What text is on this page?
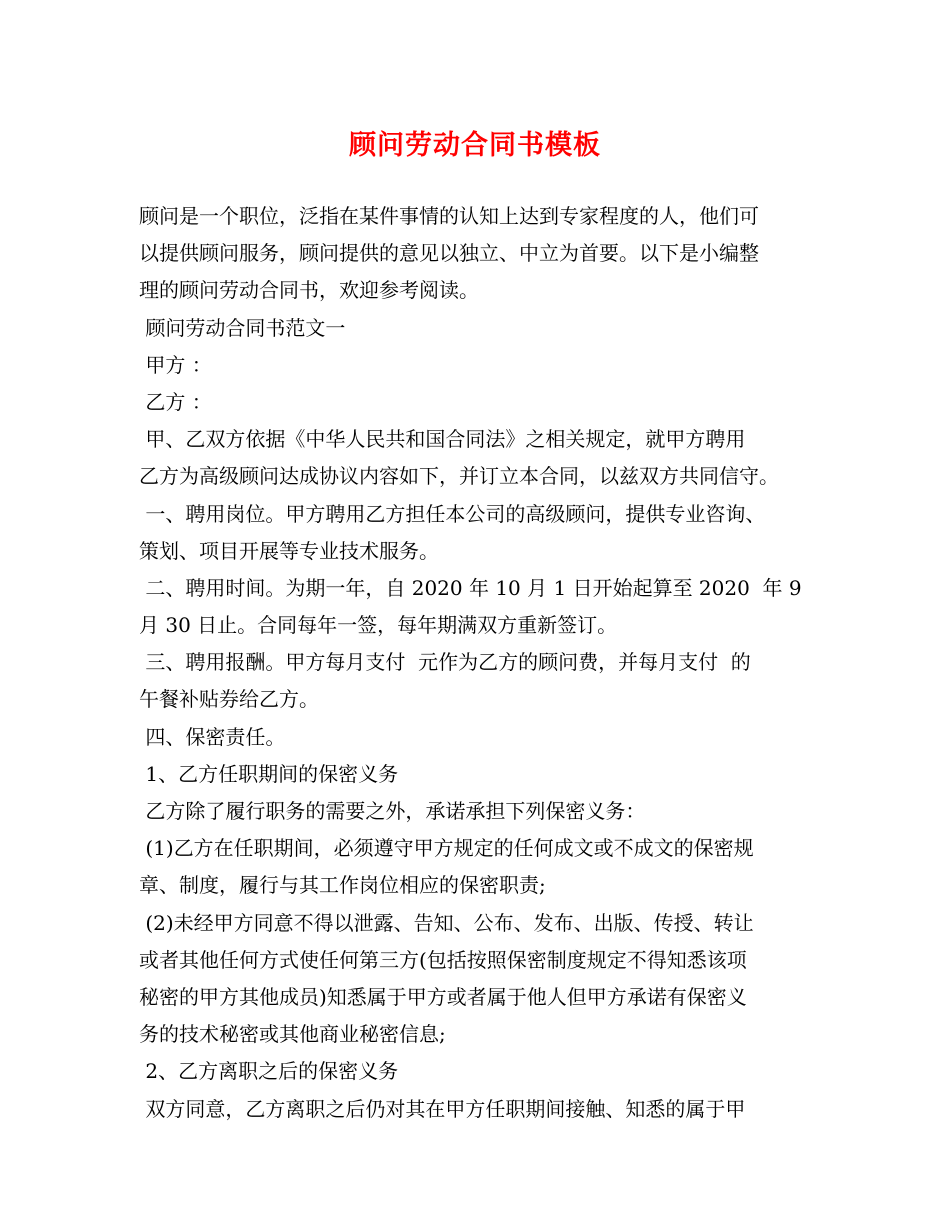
顾问劳动合同书模板
顾问是一个职位，泛指在某件事情的认知上达到专家程度的人，他们可
以提供顾问服务，顾问提供的意见以独立、中立为首要。以下是小编整
理的顾问劳动合同书，欢迎参考阅读。
顾问劳动合同书范文一
甲方 ：
乙方 ：
甲、乙双方依据《中华人民共和国合同法》之相关规定，就甲方聘用
乙方为高级顾问达成协议内容如下，并订立本合同，以兹双方共同信守。
一、聘用岗位。甲方聘用乙方担任本公司的高级顾问，提供专业咨询、
策划、项目开展等专业技术服务。
二、聘用时间。为期一年，自 2020 年 10 月 1 日开始起算至 2020  年 9
月 30 日止。合同每年一签，每年期满双方重新签订。
三、聘用报酬。甲方每月支付  元作为乙方的顾问费，并每月支付  的
午餐补贴券给乙方。
四、保密责任。
1、乙方任职期间的保密义务
乙方除了履行职务的需要之外，承诺承担下列保密义务：
(1)乙方在任职期间，必须遵守甲方规定的任何成文或不成文的保密规
章、制度，履行与其工作岗位相应的保密职责;
(2)未经甲方同意不得以泄露、告知、公布、发布、出版、传授、转让
或者其他任何方式使任何第三方(包括按照保密制度规定不得知悉该项
秘密的甲方其他成员)知悉属于甲方或者属于他人但甲方承诺有保密义
务的技术秘密或其他商业秘密信息;
2、乙方离职之后的保密义务
双方同意，乙方离职之后仍对其在甲方任职期间接触、知悉的属于甲
